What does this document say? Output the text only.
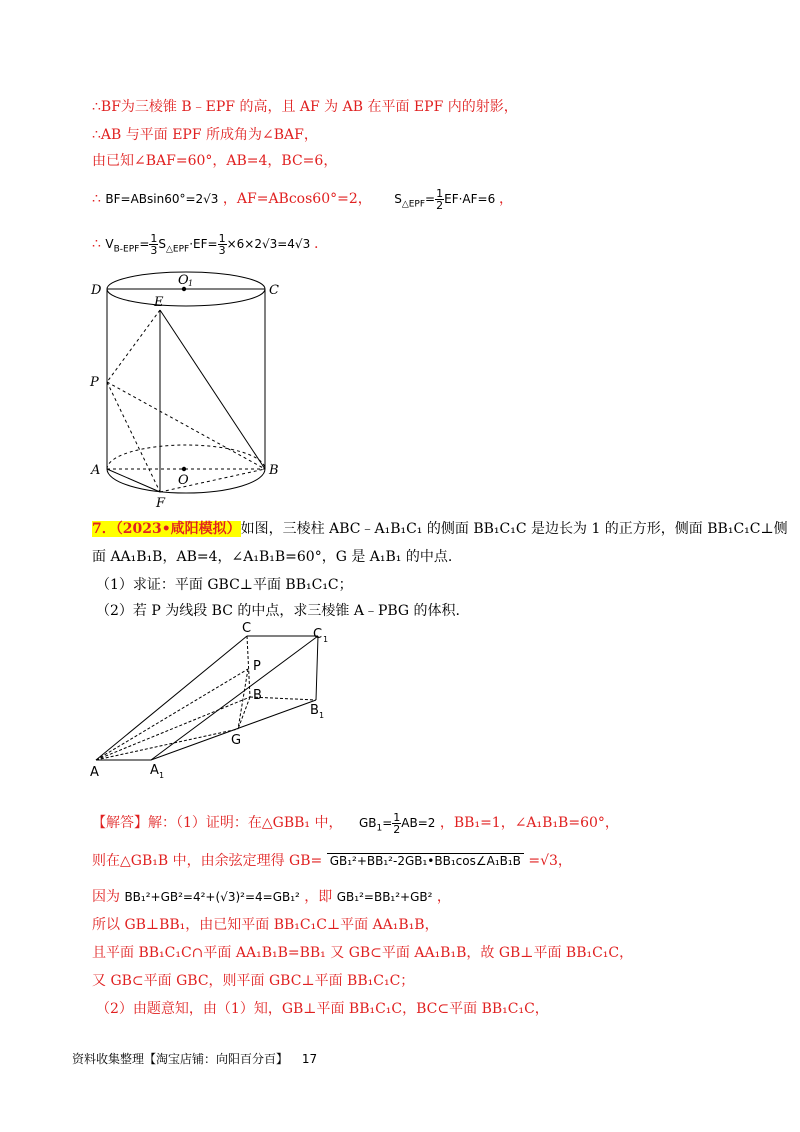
∴BF为三棱锥 B﹣EPF 的高，且 AF 为 AB 在平面 EPF 内的射影，
∴AB 与平面 EPF 所成角为∠BAF，
由已知∠BAF=60°，AB=4，BC=6，
∴ BF=ABsin60°=2√3 ，AF=ABcos60°=2， $S_{\triangle EPF}= \frac{1}{2} EF\cdot AF=6$ ，
∴ $V_{B-EPF}= \frac{1}{3} S_{\triangle EPF}\cdot EF= \frac{1}{3} \times 6\times 2√3=4√3$ .
D
O 1	C
E
P
A
O
B
F
7．（2023•咸阳模拟）如图，三棱柱 ABC﹣A₁B₁C₁ 的侧面 BB₁C₁C 是边长为 1 的正方形，侧面 BB₁C₁C⊥侧
面 AA₁B₁B，AB=4，∠A₁B₁B=60°，G 是 A₁B₁ 的中点.
（1）求证：平面 GBC⊥平面 BB₁C₁C；
（2）若 P 为线段 BC 的中点，求三棱锥 A﹣PBG 的体积.
C	C 1
P
B
B 1
G
A	A 1
【解答】解：（1）证明：在△GBB₁ 中， $GB_1= \frac{1}{2} AB=2$ ，BB₁=1，∠A₁B₁B=60°，
则在△GB₁B 中，由余弦定理得 GB= GB₁²+BB₁²-2GB₁•BB₁cos∠A₁B₁B =√3，
因为 BB₁²+GB²=4²+(√3)²=4=GB₁² ，即 GB₁²=BB₁²+GB² ，
所以 GB⊥BB₁，由已知平面 BB₁C₁C⊥平面 AA₁B₁B，
且平面 BB₁C₁C∩平面 AA₁B₁B=BB₁ 又 GB⊂平面 AA₁B₁B，故 GB⊥平面 BB₁C₁C，
又 GB⊂平面 GBC，则平面 GBC⊥平面 BB₁C₁C；
（2）由题意知，由（1）知，GB⊥平面 BB₁C₁C，BC⊂平面 BB₁C₁C，
资料收集整理【淘宝店铺：向阳百分百】 17
